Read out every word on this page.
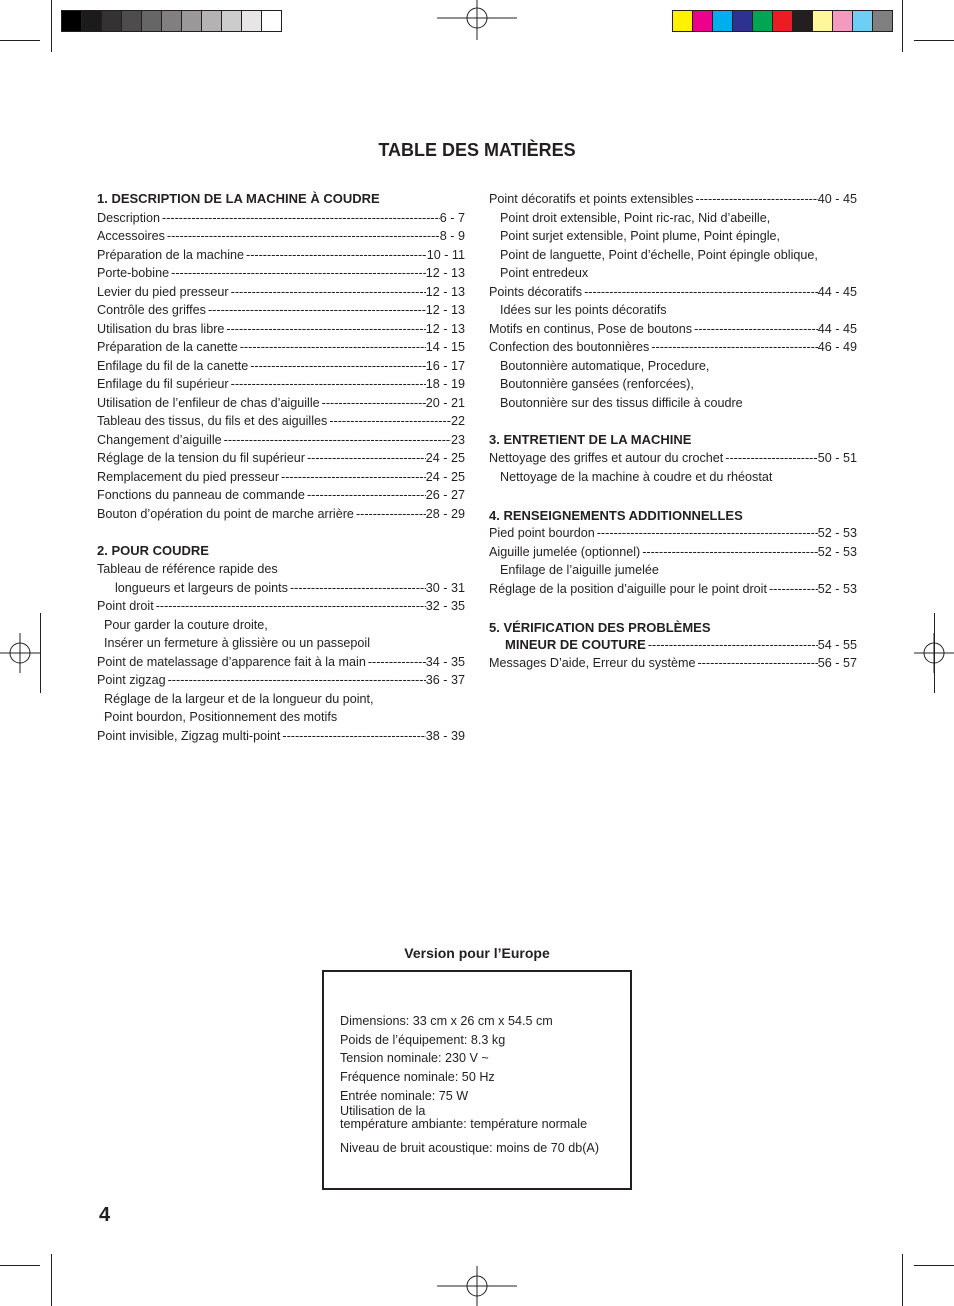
TABLE DES MATIÈRES
1. DESCRIPTION DE LA MACHINE À COUDRE
Description -----	6 - 7
Accessoires -----	8 - 9
Préparation de la machine -----	10 - 11
Porte-bobine -----	12 - 13
Levier du pied presseur -----	12 - 13
Contrôle des griffes -----	12 - 13
Utilisation du bras libre -----	12 - 13
Préparation de la canette -----	14 - 15
Enfilage du fil de la canette -----	16 - 17
Enfilage du fil supérieur -----	18 - 19
Utilisation de l’enfileur de chas d’aiguille -----	20 - 21
Tableau des tissus, du fils et des aiguilles -----	22
Changement d’aiguille -----	23
Réglage de la tension du fil supérieur -----	24 - 25
Remplacement du pied presseur -----	24 - 25
Fonctions du panneau de commande -----	26 - 27
Bouton d’opération du point de marche arrière -----	28 - 29
2. POUR COUDRE
Tableau de référence rapide des
longueurs et largeurs de points -----	30 - 31
Point droit -----	32 - 35
Pour garder la couture droite,
Insérer un fermeture à glissière ou un passepoil
Point de matelassage d’apparence fait à la main -----	34 - 35
Point zigzag -----	36 - 37
Réglage de la largeur et de la longueur du point,
Point bourdon, Positionnement des motifs
Point invisible, Zigzag multi-point -----	38 - 39
Point décoratifs et points extensibles -----	40 - 45
Point droit extensible, Point ric-rac, Nid d’abeille,
Point surjet extensible, Point plume, Point épingle,
Point de languette, Point d’échelle, Point épingle oblique,
Point entredeux
Points décoratifs -----	44 - 45
Idées sur les points décoratifs
Motifs en continus, Pose de boutons -----	44 - 45
Confection des boutonnières -----	46 - 49
Boutonnière automatique, Procedure,
Boutonnière gansées (renforcées),
Boutonnière sur des tissus difficile à coudre
3. ENTRETIENT DE LA MACHINE
Nettoyage des griffes et autour du crochet -----	50 - 51
Nettoyage de la machine à coudre et du rhéostat
4. RENSEIGNEMENTS ADDITIONNELLES
Pied point bourdon -----	52 - 53
Aiguille jumelée (optionnel) -----	52 - 53
Enfilage de l’aiguille jumelée
Réglage de la position d’aiguille pour le point droit -----	52 - 53
5. VÉRIFICATION DES PROBLÈMES
MINEUR DE COUTURE -----	54 - 55
Messages D’aide, Erreur du système -----	56 - 57
Version pour l’Europe
Dimensions: 33 cm x 26 cm x 54.5 cm
Poids de l’équipement: 8.3 kg
Tension nominale: 230 V ~
Fréquence nominale: 50 Hz
Entrée nominale: 75 W
Utilisation de la
température ambiante: température normale
Niveau de bruit acoustique: moins de 70 db(A)
4
